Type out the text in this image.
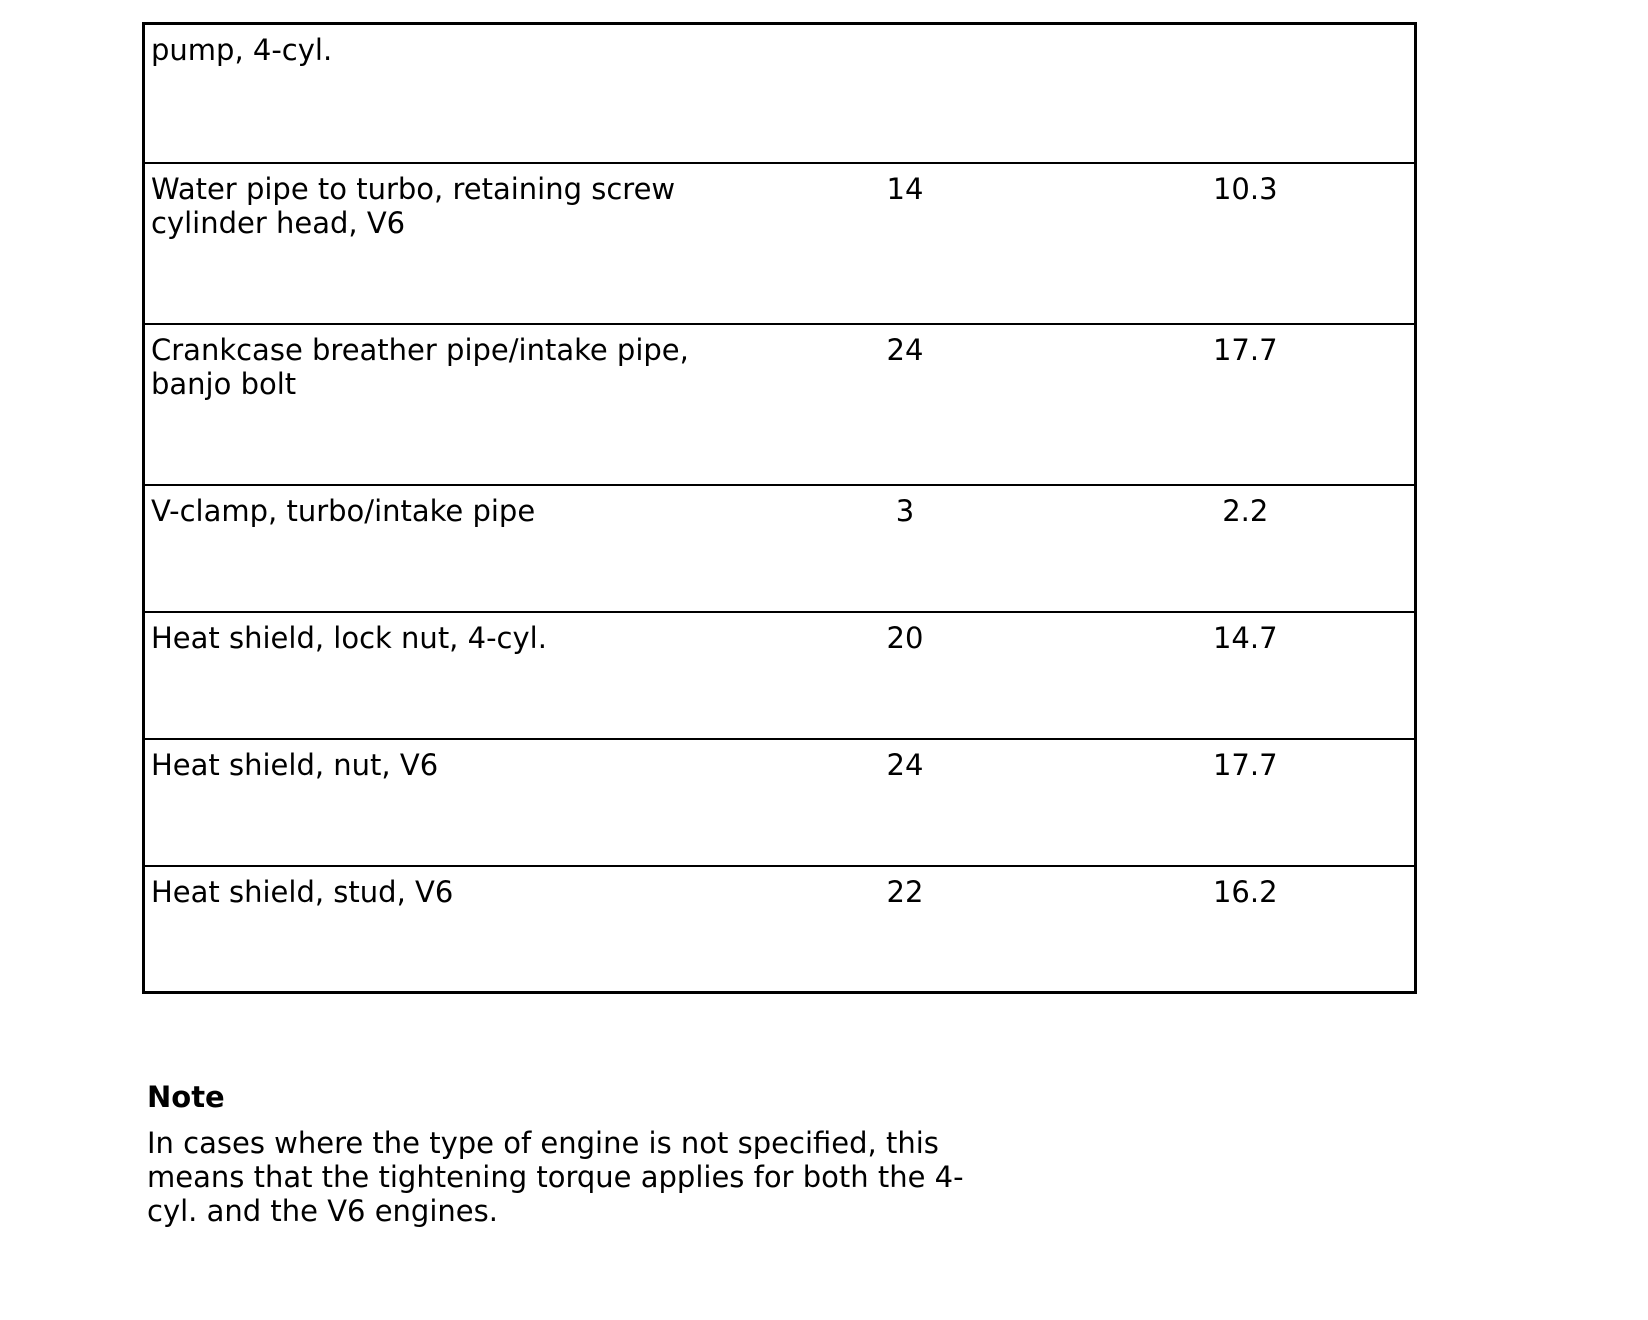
pump, 4-cyl.		
Water pipe to turbo, retaining screw
cylinder head, V6	14	10.3
Crankcase breather pipe/intake pipe,
banjo bolt	24	17.7
V-clamp, turbo/intake pipe	3	2.2
Heat shield, lock nut, 4-cyl.	20	14.7
Heat shield, nut, V6	24	17.7
Heat shield, stud, V6	22	16.2

Note

In cases where the type of engine is not specified, this means that the tightening torque applies for both the 4-cyl. and the V6 engines.
